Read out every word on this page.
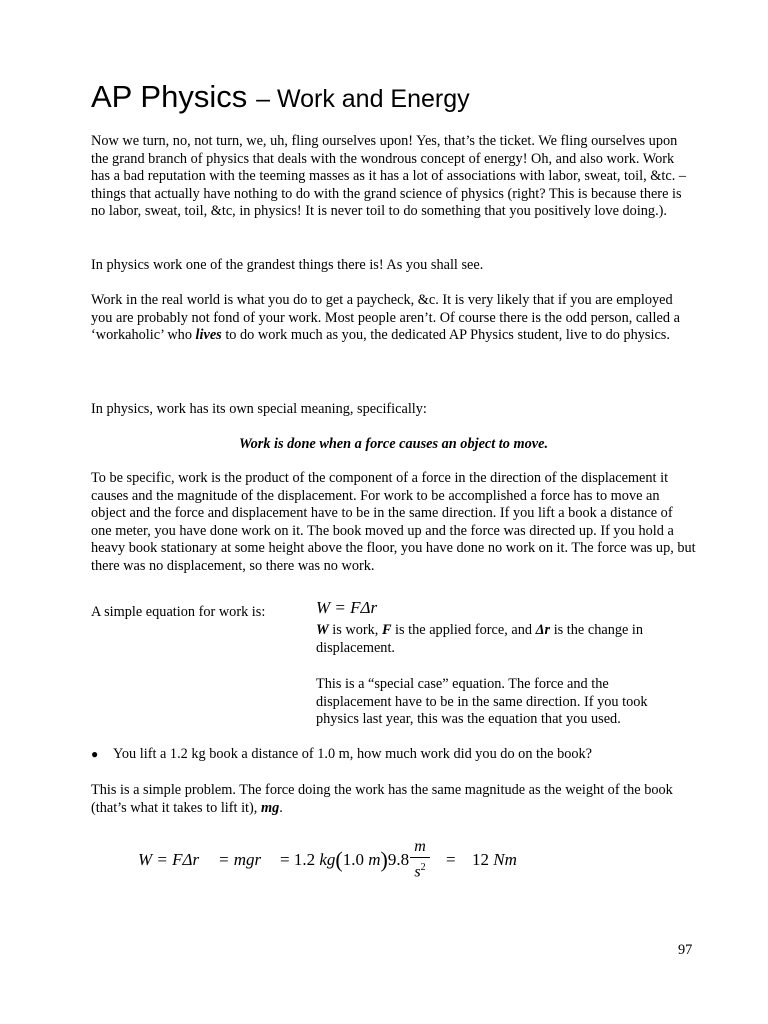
AP Physics – Work and Energy

Now we turn, no, not turn, we, uh, fling ourselves upon! Yes, that’s the ticket. We fling ourselves upon the grand branch of physics that deals with the wondrous concept of energy! Oh, and also work. Work has a bad reputation with the teeming masses as it has a lot of associations with labor, sweat, toil, &tc. – things that actually have nothing to do with the grand science of physics (right? This is because there is no labor, sweat, toil, &tc, in physics! It is never toil to do something that you positively love doing.).

In physics work one of the grandest things there is! As you shall see.

Work in the real world is what you do to get a paycheck, &c. It is very likely that if you are employed you are probably not fond of your work. Most people aren’t. Of course there is the odd person, called a ‘workaholic’ who lives to do work much as you, the dedicated AP Physics student, live to do physics.

In physics, work has its own special meaning, specifically:

Work is done when a force causes an object to move.

To be specific, work is the product of the component of a force in the direction of the displacement it causes and the magnitude of the displacement. For work to be accomplished a force has to move an object and the force and displacement have to be in the same direction. If you lift a book a distance of one meter, you have done work on it. The book moved up and the force was directed up. If you hold a heavy book stationary at some height above the floor, you have done no work on it. The force was up, but there was no displacement, so there was no work.

A simple equation for work is:	W = FΔr

W is work, F is the applied force, and Δr is the change in displacement.

This is a “special case” equation. The force and the displacement have to be in the same direction. If you took physics last year, this was the equation that you used.

● You lift a 1.2 kg book a distance of 1.0 m, how much work did you do on the book?

This is a simple problem. The force doing the work has the same magnitude as the weight of the book (that’s what it takes to lift it), mg.

W = FΔr = mgr = 1.2 kg(1.0 m)9.8
m
$s^2 = 12$ Nm
97
